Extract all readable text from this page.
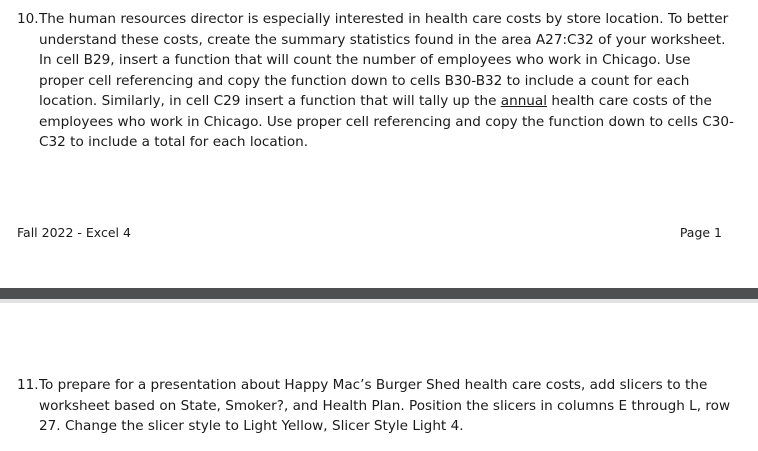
10. The human resources director is especially interested in health care costs by store location. To better understand these costs, create the summary statistics found in the area A27:C32 of your worksheet. In cell B29, insert a function that will count the number of employees who work in Chicago. Use proper cell referencing and copy the function down to cells B30-B32 to include a count for each location. Similarly, in cell C29 insert a function that will tally up the annual health care costs of the employees who work in Chicago. Use proper cell referencing and copy the function down to cells C30-C32 to include a total for each location.
Fall 2022 - Excel 4	Page 1
11. To prepare for a presentation about Happy Mac’s Burger Shed health care costs, add slicers to the worksheet based on State, Smoker?, and Health Plan. Position the slicers in columns E through L, row 27. Change the slicer style to Light Yellow, Slicer Style Light 4.
